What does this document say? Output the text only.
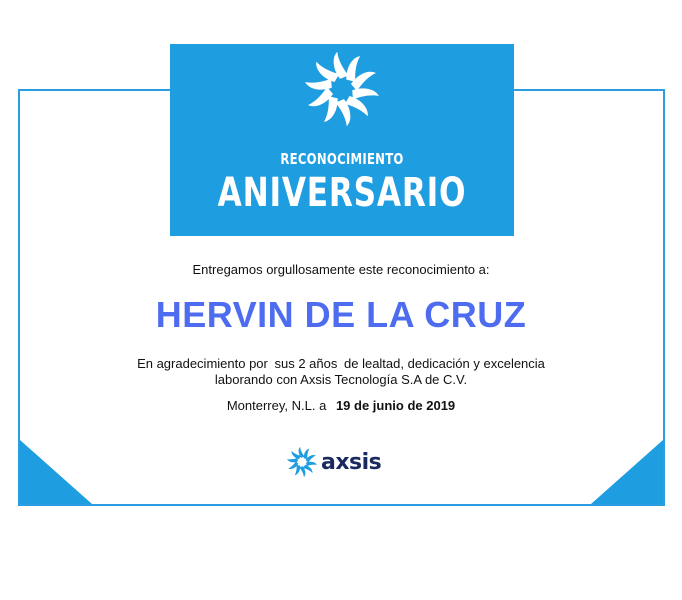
RECONOCIMIENTO
ANIVERSARIO
Entregamos orgullosamente este reconocimiento a:
HERVIN DE LA CRUZ
En agradecimiento por sus 2 años de lealtad, dedicación y excelencia
laborando con Axsis Tecnología S.A de C.V.
Monterrey, N.L. a 19 de junio de 2019
axsis
